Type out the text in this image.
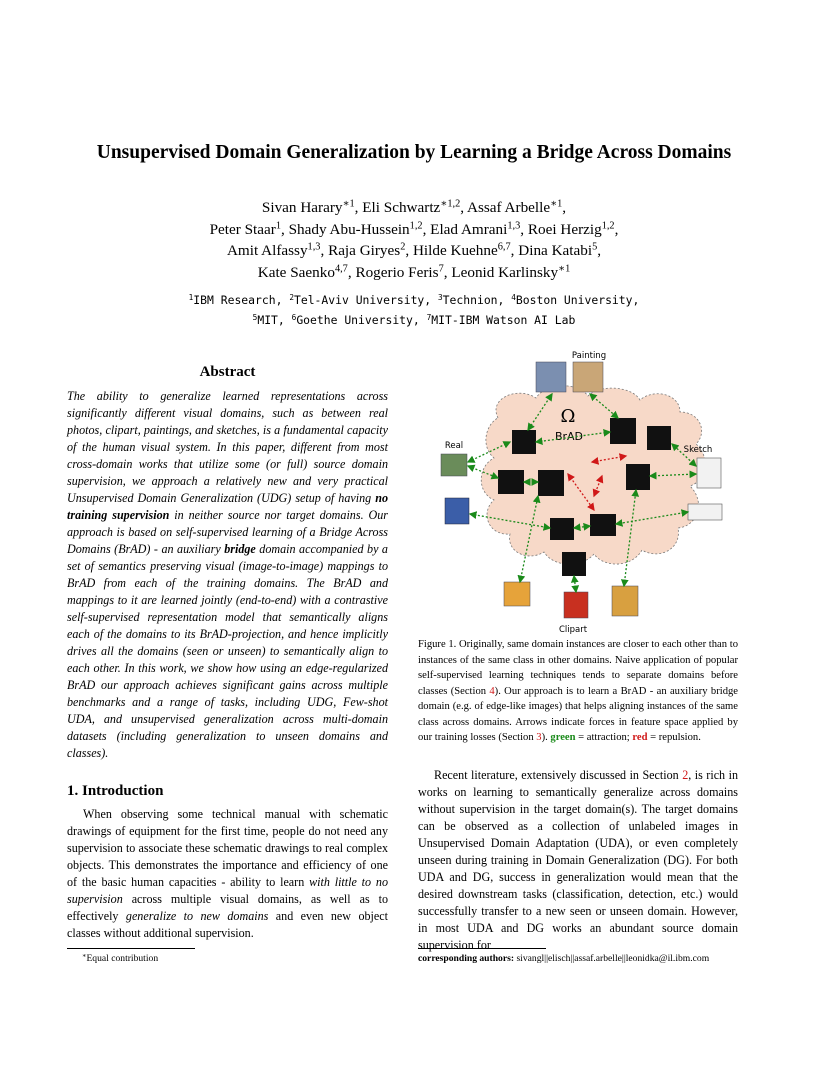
Unsupervised Domain Generalization by Learning a Bridge Across Domains
Sivan Harary$^{∗1}$, Eli Schwartz$^{∗1,2}$, Assaf Arbelle$^{∗1}$,
Peter Staar$^1$, Shady Abu-Hussein$^{1,2}$, Elad Amrani$^{1,3}$, Roei Herzig$^{1,2}$,
Amit Alfassy$^{1,3}$, Raja Giryes$^2$, Hilde Kuehne$^{6,7}$, Dina Katabi$^5$,
Kate Saenko$^{4,7}$, Rogerio Feris$^7$, Leonid Karlinsky$^{∗1}$
$^1$IBM Research, $^2$Tel-Aviv University, $^3$Technion, $^4$Boston University,
$^5$MIT, $^6$Goethe University, $^7$MIT-IBM Watson AI Lab
Abstract
The ability to generalize learned representations across significantly different visual domains, such as between real photos, clipart, paintings, and sketches, is a fundamental capacity of the human visual system. In this paper, different from most cross-domain works that utilize some (or full) source domain supervision, we approach a relatively new and very practical Unsupervised Domain Generalization (UDG) setup of having no training supervision in neither source nor target domains. Our approach is based on self-supervised learning of a Bridge Across Domains (BrAD) - an auxiliary bridge domain accompanied by a set of semantics preserving visual (image-to-image) mappings to BrAD from each of the training domains. The BrAD and mappings to it are learned jointly (end-to-end) with a contrastive self-supervised representation model that semantically aligns each of the domains to its BrAD-projection, and hence implicitly drives all the domains (seen or unseen) to semantically align to each other. In this work, we show how using an edge-regularized BrAD our approach achieves significant gains across multiple benchmarks and a range of tasks, including UDG, Few-shot UDA, and unsupervised generalization across multi-domain datasets (including generalization to unseen domains and classes).
1. Introduction

When observing some technical manual with schematic drawings of equipment for the first time, people do not need any supervision to associate these schematic drawings to real complex objects. This demonstrates the importance and efficiency of one of the basic human capacities - ability to learn with little to no supervision across multiple visual domains, as well as to effectively generalize to new domains and even new object classes without additional supervision.

∗Equal contribution
Ω
BrAD
Painting
Real	Sketch
Clipart
Figure 1. Originally, same domain instances are closer to each other than to instances of the same class in other domains. Naive application of popular self-supervised learning techniques tends to separate domains before classes (Section 4). Our approach is to learn a BrAD - an auxiliary bridge domain (e.g. of edge-like images) that helps aligning instances of the same class across domains. Arrows indicate forces in feature space applied by our training losses (Section 3). green = attraction; red = repulsion.

Recent literature, extensively discussed in Section 2, is rich in works on learning to semantically generalize across domains without supervision in the target domain(s). The target domains can be observed as a collection of unlabeled images in Unsupervised Domain Adaptation (UDA), or even completely unseen during training in Domain Generalization (DG). For both UDA and DG, success in generalization would mean that the desired downstream tasks (classification, detection, etc.) would successfully transfer to a new seen or unseen domain. However, in most UDA and DG works an abundant source domain supervision for

corresponding authors: sivangl||elisch||assaf.arbelle||leonidka@il.ibm.com
